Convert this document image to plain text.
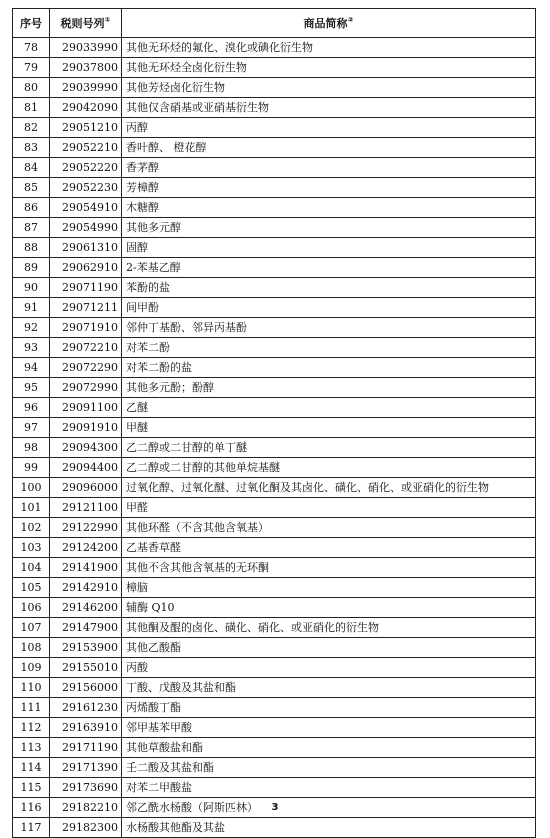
序号	税则号列①	商品简称②
78	29033990	其他无环烃的氟化、溴化或碘化衍生物
79	29037800	其他无环烃全卤化衍生物
80	29039990	其他芳烃卤化衍生物
81	29042090	其他仅含硝基或亚硝基衍生物
82	29051210	丙醇
83	29052210	香叶醇、 橙花醇
84	29052220	香茅醇
85	29052230	芳樟醇
86	29054910	木糖醇
87	29054990	其他多元醇
88	29061310	固醇
89	29062910	2-苯基乙醇
90	29071190	苯酚的盐
91	29071211	间甲酚
92	29071910	邻仲丁基酚、邻异丙基酚
93	29072210	对苯二酚
94	29072290	对苯二酚的盐
95	29072990	其他多元酚；酚醇
96	29091100	乙醚
97	29091910	甲醚
98	29094300	乙二醇或二甘醇的单丁醚
99	29094400	乙二醇或二甘醇的其他单烷基醚
100	29096000	过氧化醇、过氧化醚、过氧化酮及其卤化、磺化、硝化、或亚硝化的衍生物
101	29121100	甲醛
102	29122990	其他环醛（不含其他含氧基）
103	29124200	乙基香草醛
104	29141900	其他不含其他含氧基的无环酮
105	29142910	樟脑
106	29146200	辅酶 Q10
107	29147900	其他酮及醌的卤化、磺化、硝化、或亚硝化的衍生物
108	29153900	其他乙酸酯
109	29155010	丙酸
110	29156000	丁酸、戊酸及其盐和酯
111	29161230	丙烯酸丁酯
112	29163910	邻甲基苯甲酸
113	29171190	其他草酸盐和酯
114	29171390	壬二酸及其盐和酯
115	29173690	对苯二甲酸盐
116	29182210	邻乙酰水杨酸（阿斯匹林）
117	29182300	水杨酸其他酯及其盐
3
